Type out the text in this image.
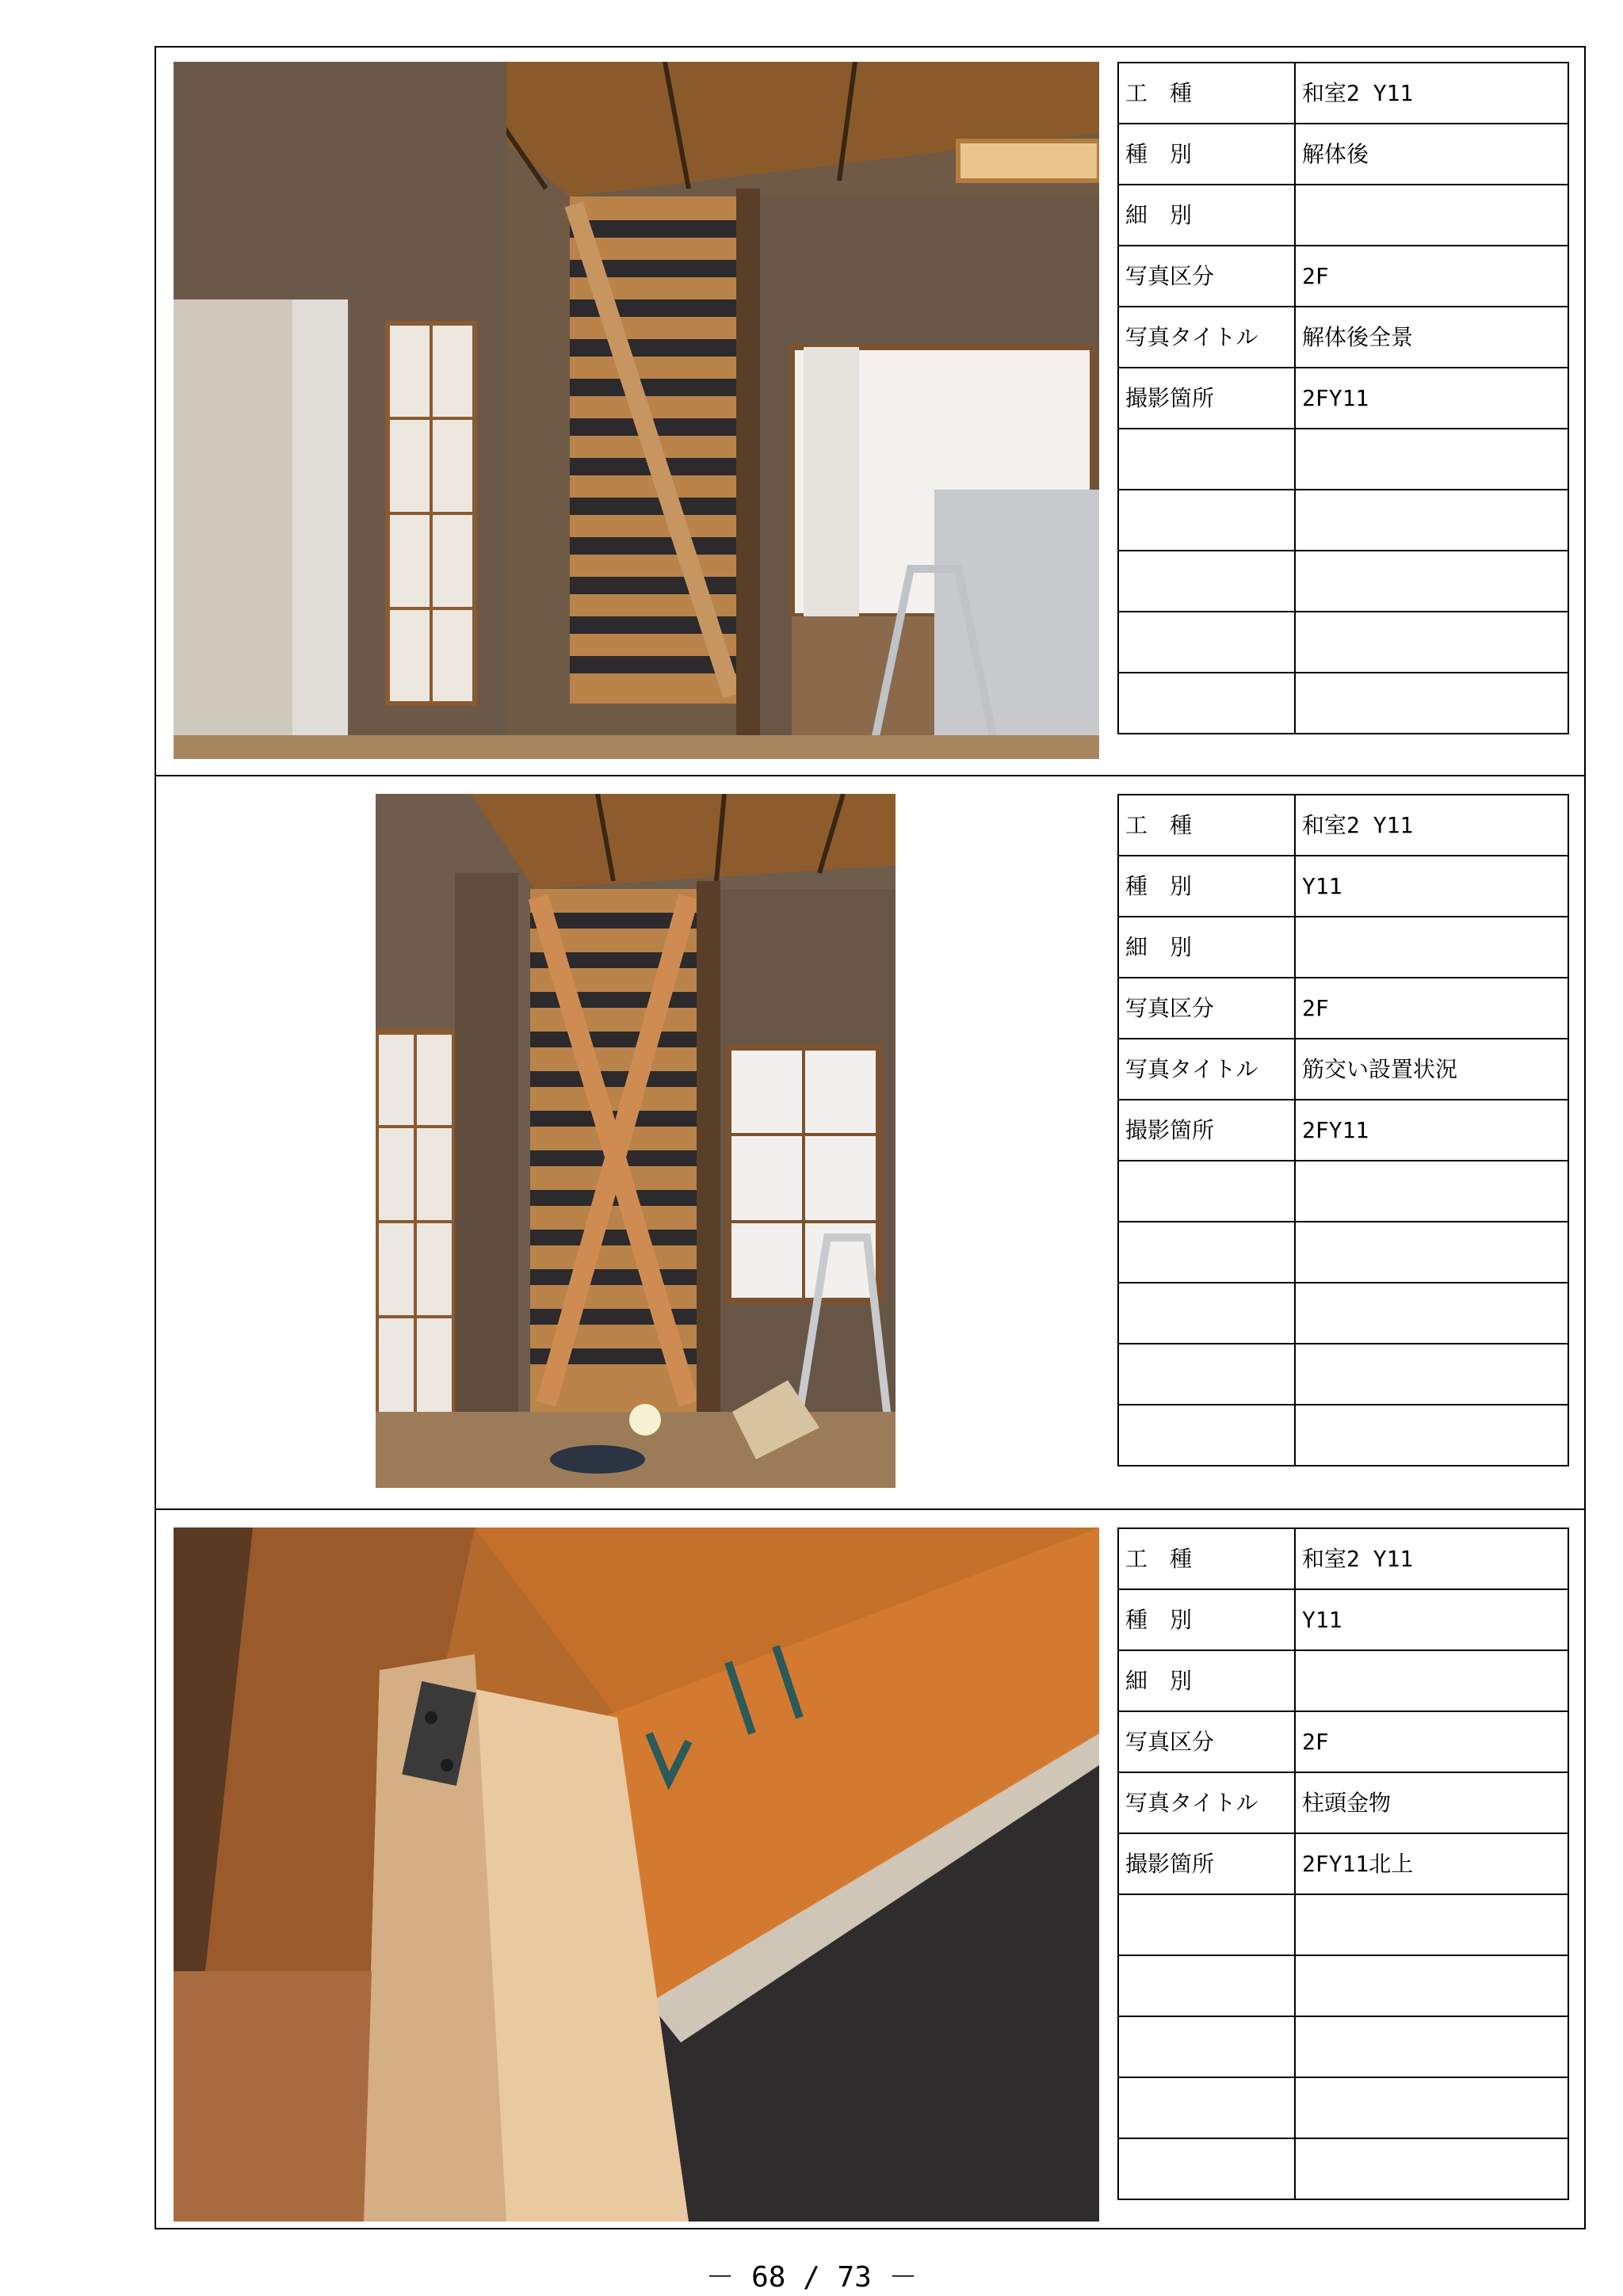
工　種	和室2 Y11
種　別	解体後
細　別	
写真区分	2F
写真タイトル	解体後全景
撮影箇所	2FY11

工　種	和室2 Y11
種　別	Y11
細　別	
写真区分	2F
写真タイトル	筋交い設置状況
撮影箇所	2FY11

工　種	和室2 Y11
種　別	Y11
細　別	
写真区分	2F
写真タイトル	柱頭金物
撮影箇所	2FY11北上

－ 68 / 73 －
